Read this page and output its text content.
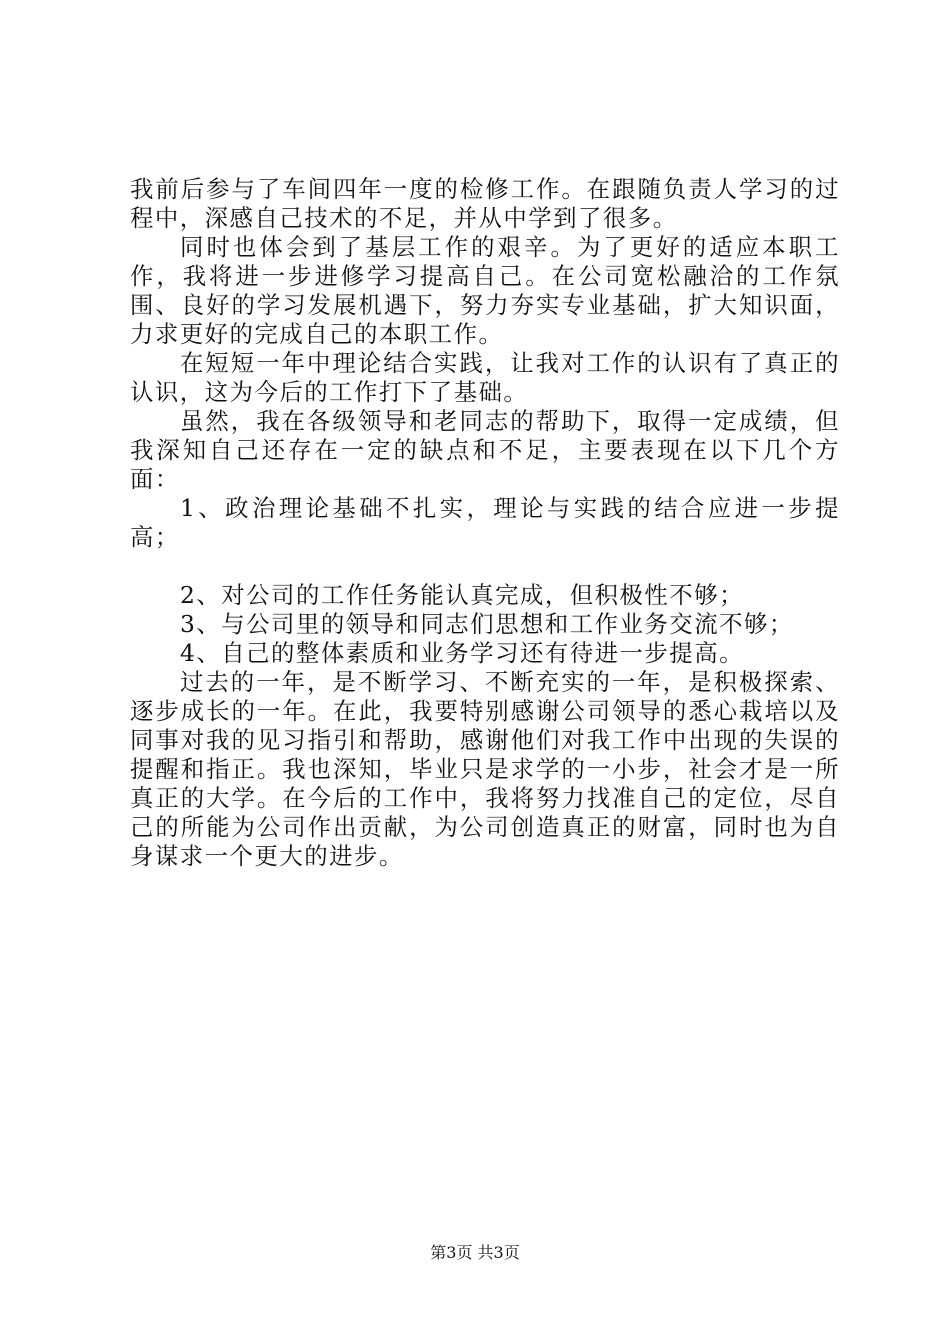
我前后参与了车间四年一度的检修工作。在跟随负责人学习的过程中，深感自己技术的不足，并从中学到了很多。

同时也体会到了基层工作的艰辛。为了更好的适应本职工作，我将进一步进修学习提高自己。在公司宽松融洽的工作氛围、良好的学习发展机遇下，努力夯实专业基础，扩大知识面，力求更好的完成自己的本职工作。

在短短一年中理论结合实践，让我对工作的认识有了真正的认识，这为今后的工作打下了基础。

虽然，我在各级领导和老同志的帮助下，取得一定成绩，但我深知自己还存在一定的缺点和不足，主要表现在以下几个方面：

1、政治理论基础不扎实，理论与实践的结合应进一步提高；

2、对公司的工作任务能认真完成，但积极性不够；

3、与公司里的领导和同志们思想和工作业务交流不够；

4、自己的整体素质和业务学习还有待进一步提高。

过去的一年，是不断学习、不断充实的一年，是积极探索、逐步成长的一年。在此，我要特别感谢公司领导的悉心栽培以及同事对我的见习指引和帮助，感谢他们对我工作中出现的失误的提醒和指正。我也深知，毕业只是求学的一小步，社会才是一所真正的大学。在今后的工作中，我将努力找准自己的定位，尽自己的所能为公司作出贡献，为公司创造真正的财富，同时也为自身谋求一个更大的进步。

第3页 共3页
